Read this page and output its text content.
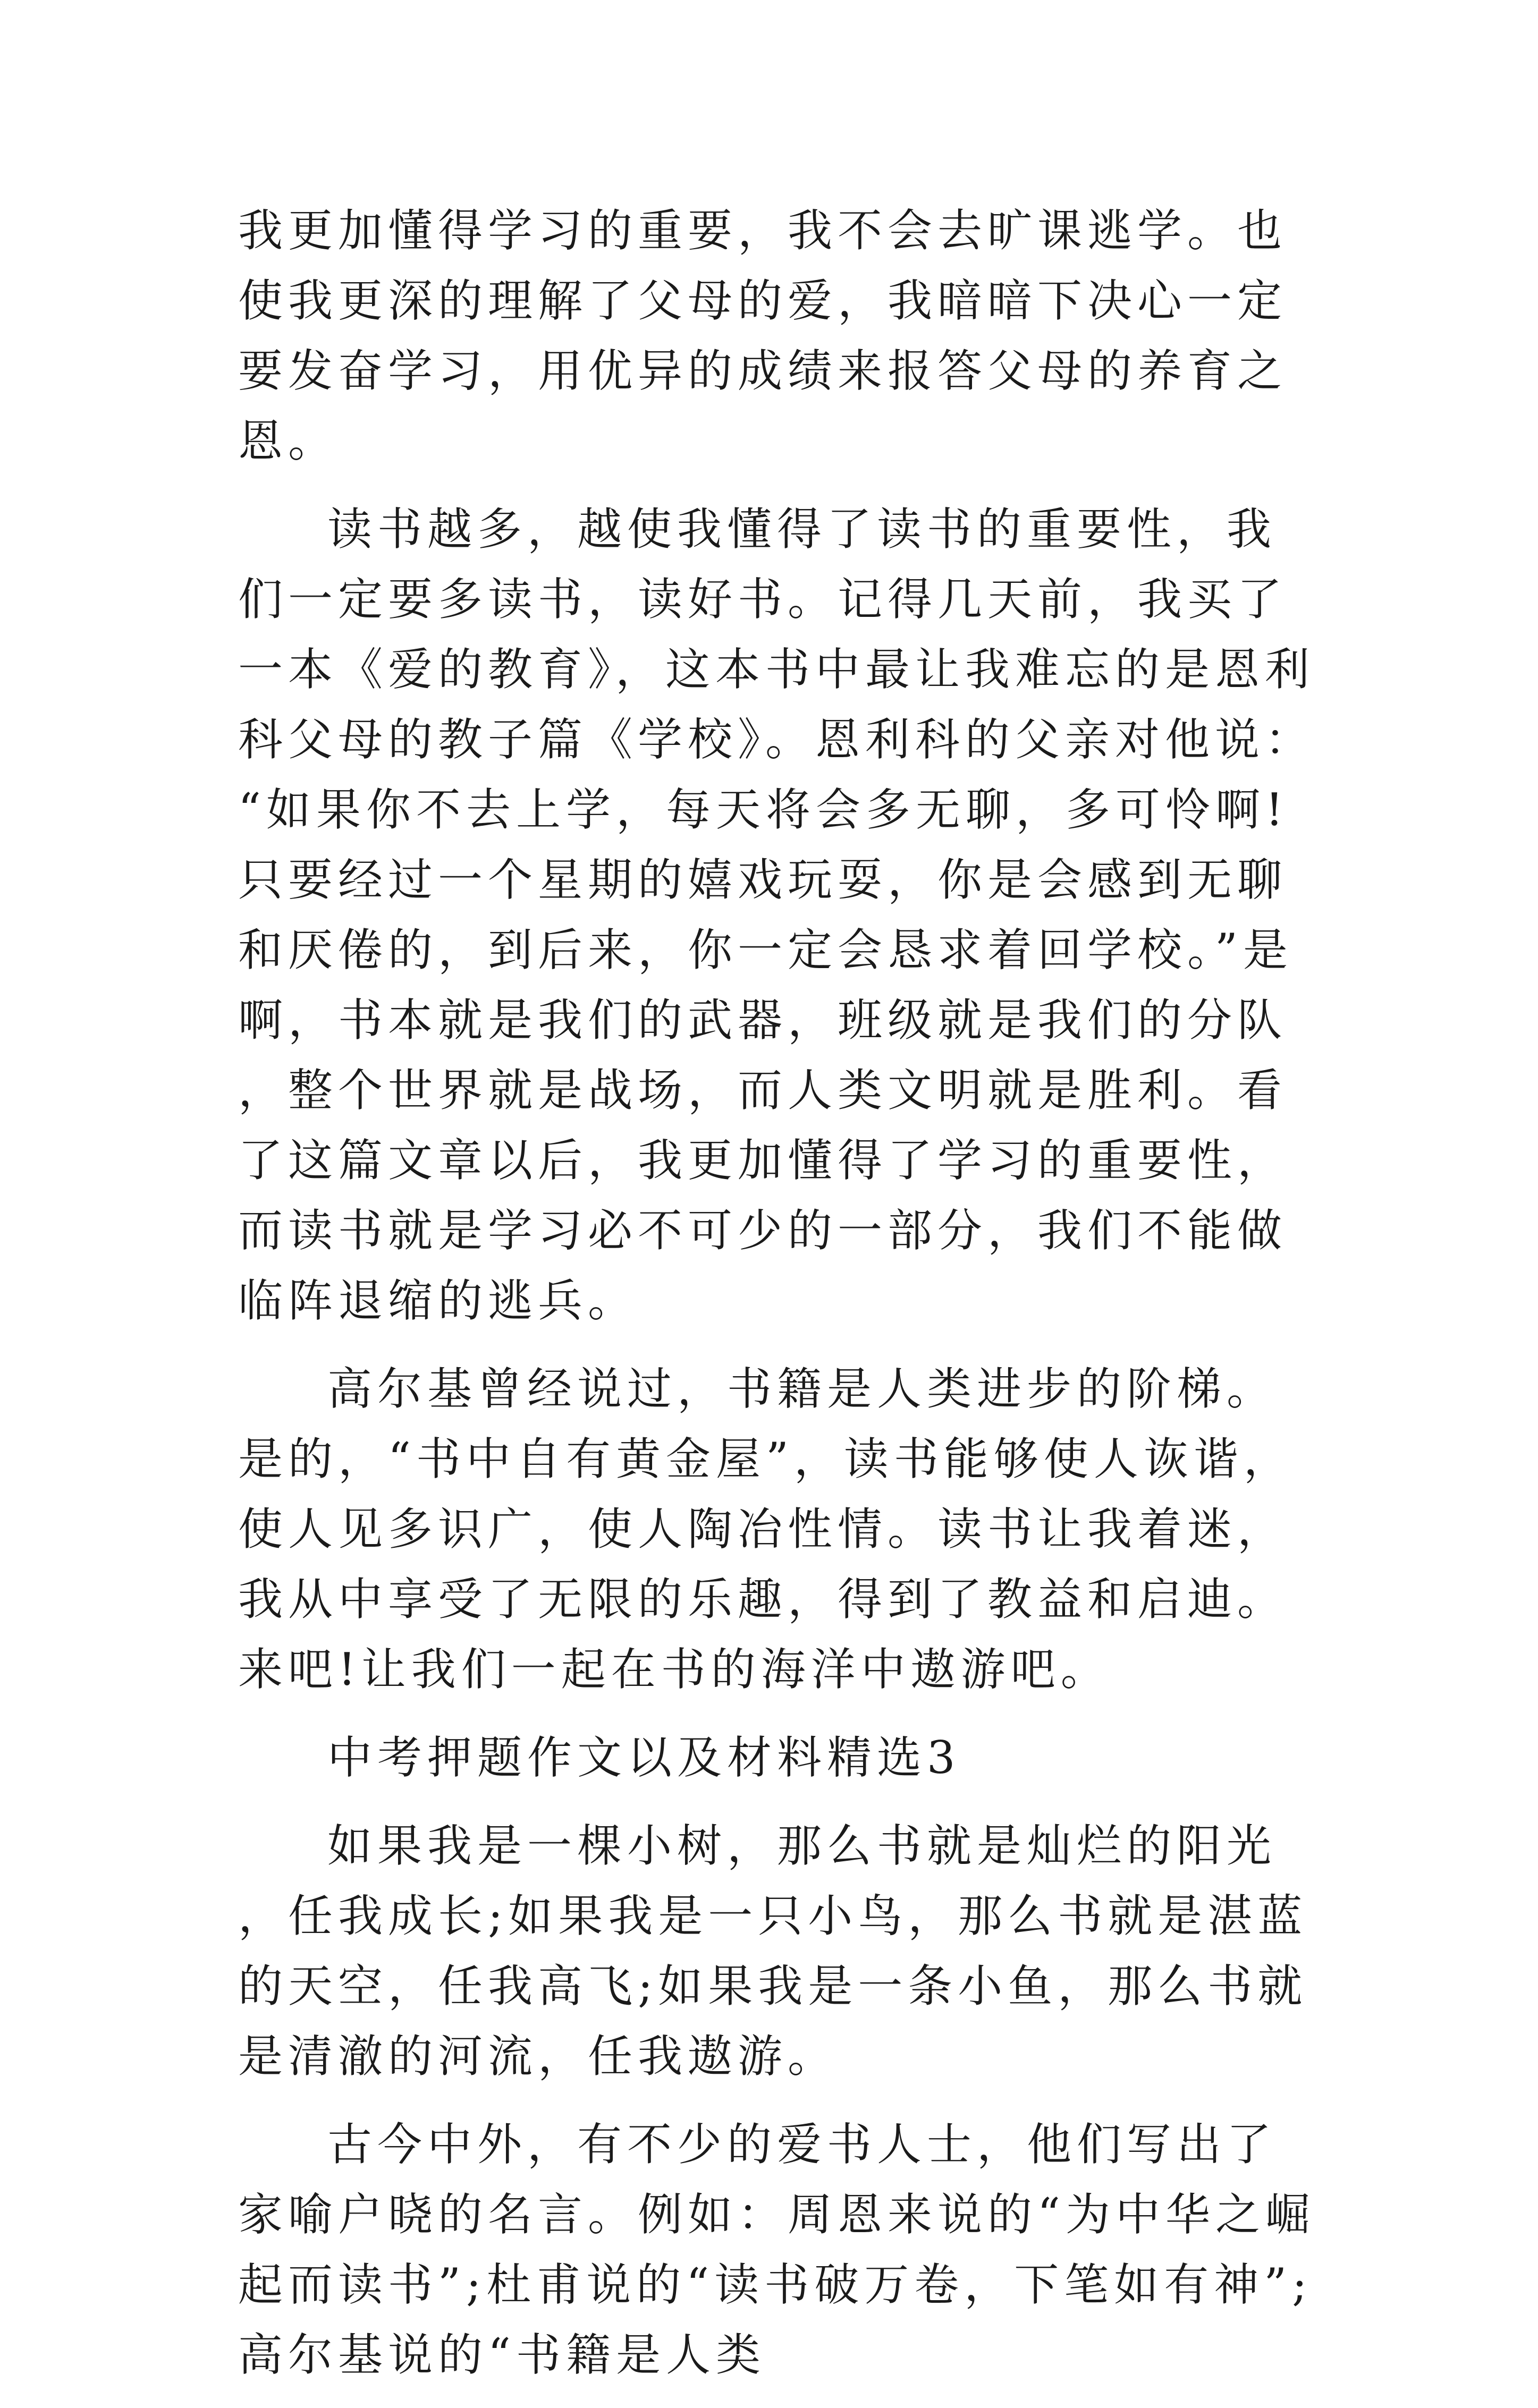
我更加懂得学习的重要，我不会去旷课逃学。也使我更深的理解了父母的爱，我暗暗下决心一定要发奋学习，用优异的成绩来报答父母的养育之恩。

读书越多，越使我懂得了读书的重要性，我们一定要多读书，读好书。记得几天前，我买了一本《爱的教育》，这本书中最让我难忘的是恩利科父母的教子篇《学校》。恩利科的父亲对他说：“如果你不去上学，每天将会多无聊，多可怜啊!只要经过一个星期的嬉戏玩耍，你是会感到无聊和厌倦的，到后来，你一定会恳求着回学校。”是啊，书本就是我们的武器，班级就是我们的分队，整个世界就是战场，而人类文明就是胜利。看了这篇文章以后，我更加懂得了学习的重要性，而读书就是学习必不可少的一部分，我们不能做临阵退缩的逃兵。

高尔基曾经说过，书籍是人类进步的阶梯。是的，“书中自有黄金屋”，读书能够使人诙谐，使人见多识广，使人陶冶性情。读书让我着迷，我从中享受了无限的乐趣，得到了教益和启迪。来吧!让我们一起在书的海洋中遨游吧。

中考押题作文以及材料精选3

如果我是一棵小树，那么书就是灿烂的阳光，任我成长;如果我是一只小鸟，那么书就是湛蓝的天空，任我高飞;如果我是一条小鱼，那么书就是清澈的河流，任我遨游。

古今中外，有不少的爱书人士，他们写出了家喻户晓的名言。例如：周恩来说的“为中华之崛起而读书”;杜甫说的“读书破万卷，下笔如有神”;高尔基说的“书籍是人类
